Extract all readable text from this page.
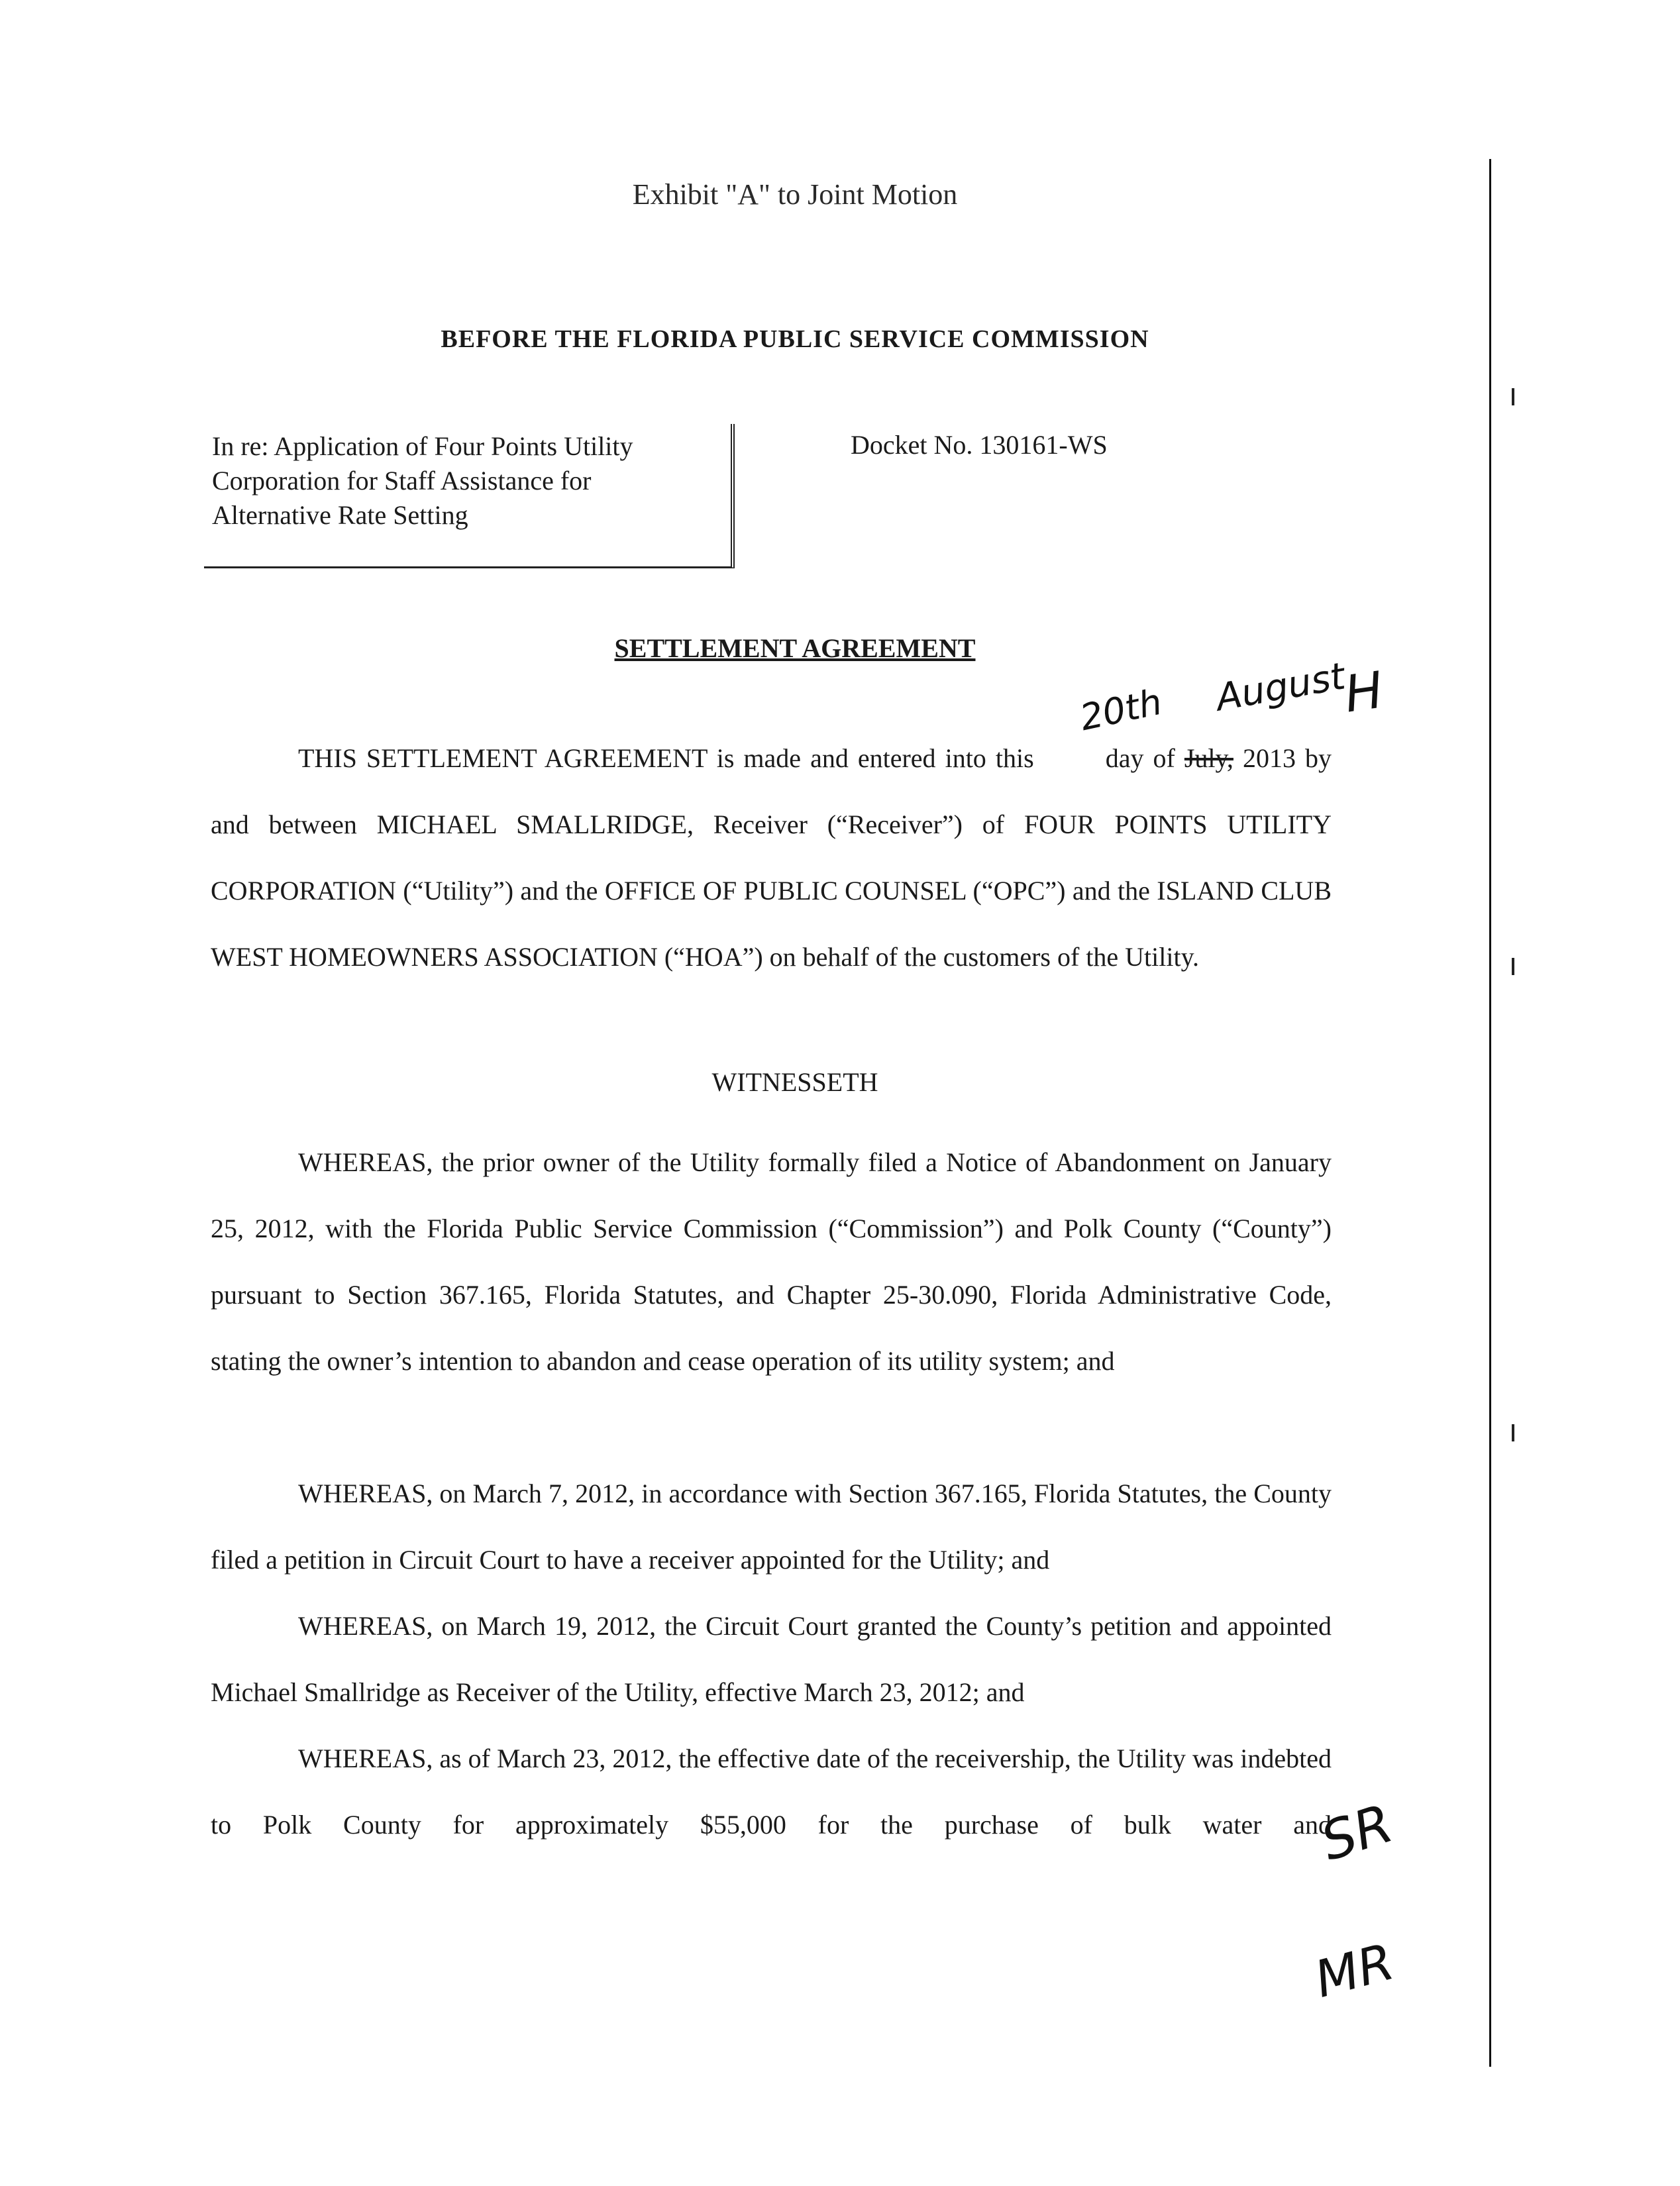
Exhibit "A" to Joint Motion
BEFORE THE FLORIDA PUBLIC SERVICE COMMISSION
In re: Application of Four Points Utility
Corporation for Staff Assistance for
Alternative Rate Setting
Docket No. 130161-WS
SETTLEMENT AGREEMENT
THIS SETTLEMENT AGREEMENT is made and entered into this day of July, 2013 by and between MICHAEL SMALLRIDGE, Receiver (“Receiver”) of FOUR POINTS UTILITY CORPORATION (“Utility”) and the OFFICE OF PUBLIC COUNSEL (“OPC”) and the ISLAND CLUB WEST HOMEOWNERS ASSOCIATION (“HOA”) on behalf of the customers of the Utility.
WITNESSETH
WHEREAS, the prior owner of the Utility formally filed a Notice of Abandonment on January 25, 2012, with the Florida Public Service Commission (“Commission”) and Polk County (“County”) pursuant to Section 367.165, Florida Statutes, and Chapter 25-30.090, Florida Administrative Code, stating the owner’s intention to abandon and cease operation of its utility system; and
WHEREAS, on March 7, 2012, in accordance with Section 367.165, Florida Statutes, the County filed a petition in Circuit Court to have a receiver appointed for the Utility; and
WHEREAS, on March 19, 2012, the Circuit Court granted the County’s petition and appointed Michael Smallridge as Receiver of the Utility, effective March 23, 2012; and
WHEREAS, as of March 23, 2012, the effective date of the receivership, the Utility was indebted to Polk County for approximately $55,000 for the purchase of bulk water and
20th August
H
SR
MR
